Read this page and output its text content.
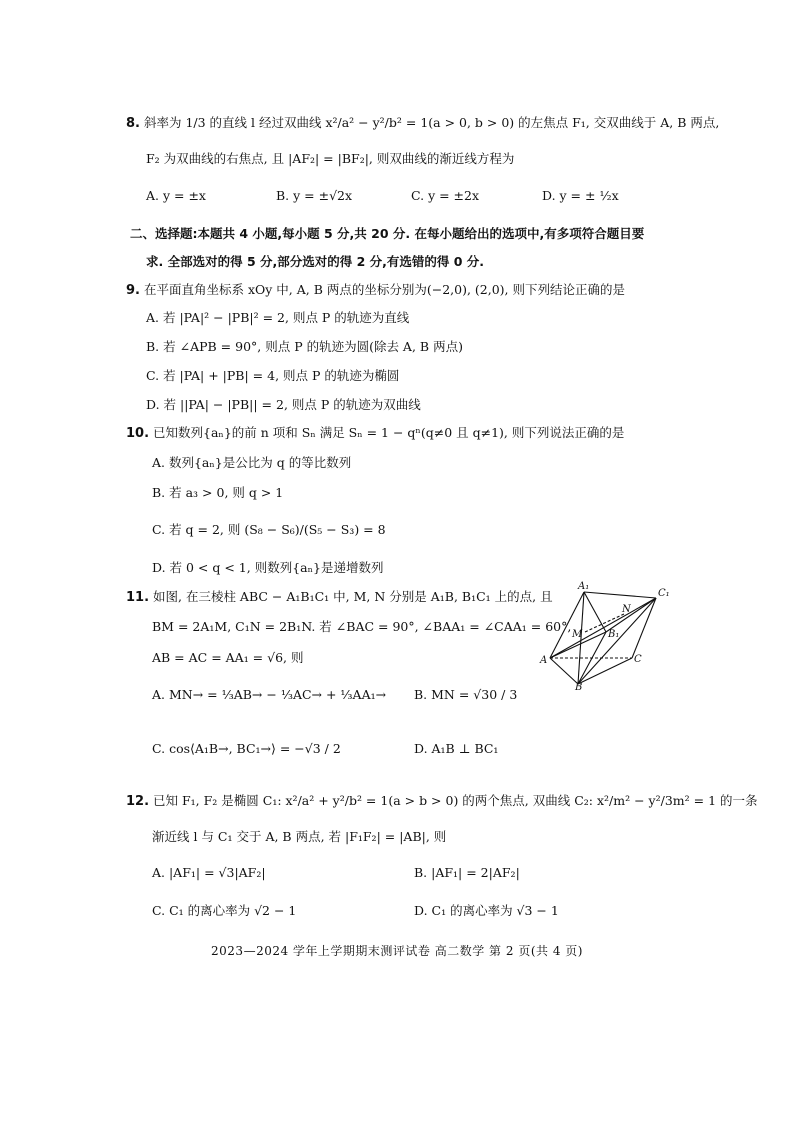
8. 斜率为 1/3 的直线 l 经过双曲线 x²/a² − y²/b² = 1(a > 0, b > 0) 的左焦点 F₁, 交双曲线于 A, B 两点,
F₂ 为双曲线的右焦点, 且 |AF₂| = |BF₂|, 则双曲线的渐近线方程为
A. y = ±x	B. y = ±√2x	C. y = ±2x	D. y = ± ½x
二、选择题:本题共 4 小题,每小题 5 分,共 20 分. 在每小题给出的选项中,有多项符合题目要
求. 全部选对的得 5 分,部分选对的得 2 分,有选错的得 0 分.
9. 在平面直角坐标系 xOy 中, A, B 两点的坐标分别为(−2,0), (2,0), 则下列结论正确的是
A. 若 |PA|² − |PB|² = 2, 则点 P 的轨迹为直线
B. 若 ∠APB = 90°, 则点 P 的轨迹为圆(除去 A, B 两点)
C. 若 |PA| + |PB| = 4, 则点 P 的轨迹为椭圆
D. 若 ||PA| − |PB|| = 2, 则点 P 的轨迹为双曲线
10. 已知数列{aₙ}的前 n 项和 Sₙ 满足 Sₙ = 1 − qⁿ(q≠0 且 q≠1), 则下列说法正确的是
A. 数列{aₙ}是公比为 q 的等比数列
B. 若 a₃ > 0, 则 q > 1
C. 若 q = 2, 则 (S₈ − S₆)/(S₅ − S₃) = 8
D. 若 0 < q < 1, 则数列{aₙ}是递增数列
11. 如图, 在三棱柱 ABC − A₁B₁C₁ 中, M, N 分别是 A₁B, B₁C₁ 上的点, 且
BM = 2A₁M, C₁N = 2B₁N. 若 ∠BAC = 90°, ∠BAA₁ = ∠CAA₁ = 60°,
AB = AC = AA₁ = √6, 则
A. MN→ = ⅓AB→ − ⅓AC→ + ⅓AA₁→ B. MN = √30 / 3
C. cos⟨A₁B→, BC₁→⟩ = −√3 / 2	D. A₁B ⊥ BC₁
A₁
C₁
N
M	B₁
A	C
B
12. 已知 F₁, F₂ 是椭圆 C₁: x²/a² + y²/b² = 1(a > b > 0) 的两个焦点, 双曲线 C₂: x²/m² − y²/3m² = 1 的一条
渐近线 l 与 C₁ 交于 A, B 两点, 若 |F₁F₂| = |AB|, 则
A. |AF₁| = √3|AF₂|	B. |AF₁| = 2|AF₂|
C. C₁ 的离心率为 √2 − 1	D. C₁ 的离心率为 √3 − 1
2023—2024 学年上学期期末测评试卷 高二数学 第 2 页(共 4 页)
